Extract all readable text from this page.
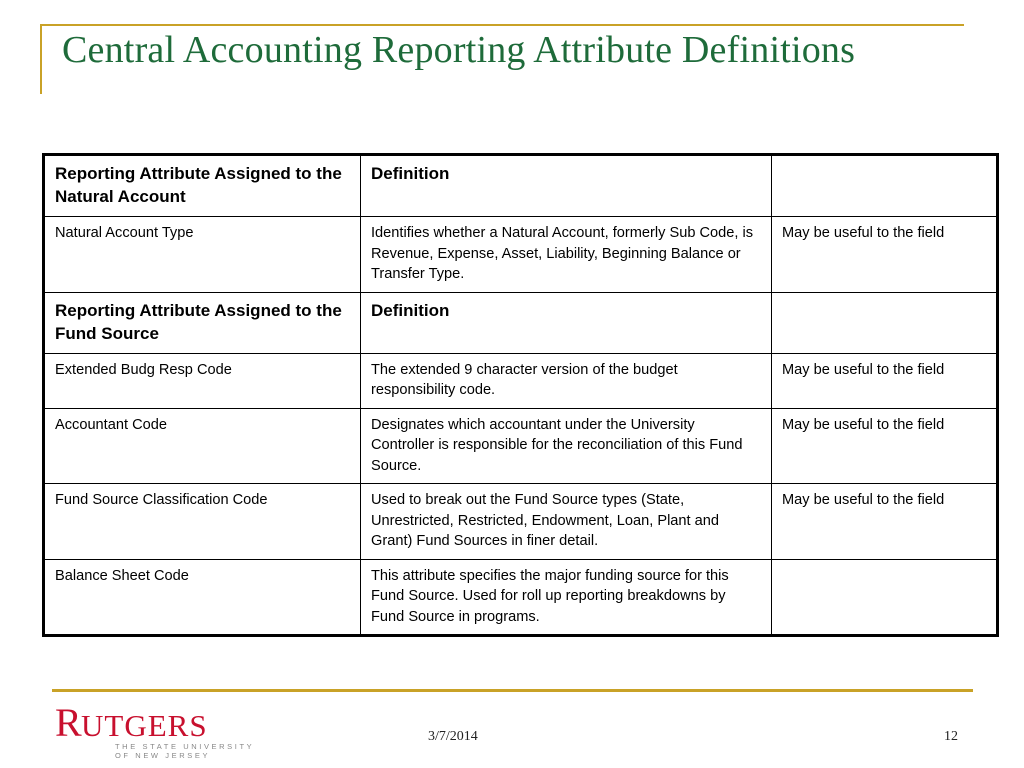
Central Accounting Reporting Attribute Definitions
Reporting Attribute Assigned to the Natural Account	Definition	
Natural Account Type	Identifies whether a Natural Account, formerly Sub Code, is Revenue, Expense, Asset, Liability, Beginning Balance or Transfer Type.	May be useful to the field
Reporting Attribute Assigned to the Fund Source	Definition	
Extended Budg Resp Code	The extended 9 character version of the budget responsibility code.	May be useful to the field
Accountant Code	Designates which accountant under the University Controller is responsible for the reconciliation of this Fund Source.	May be useful to the field
Fund Source Classification Code	Used to break out the Fund Source types (State, Unrestricted, Restricted, Endowment, Loan, Plant and Grant) Fund Sources in finer detail.	May be useful to the field
Balance Sheet Code	This attribute specifies the major funding source for this Fund Source. Used for roll up reporting breakdowns by Fund Source in programs.	
R UTGERS
THE STATE UNIVERSITY
OF NEW JERSEY
3/7/2014	12
